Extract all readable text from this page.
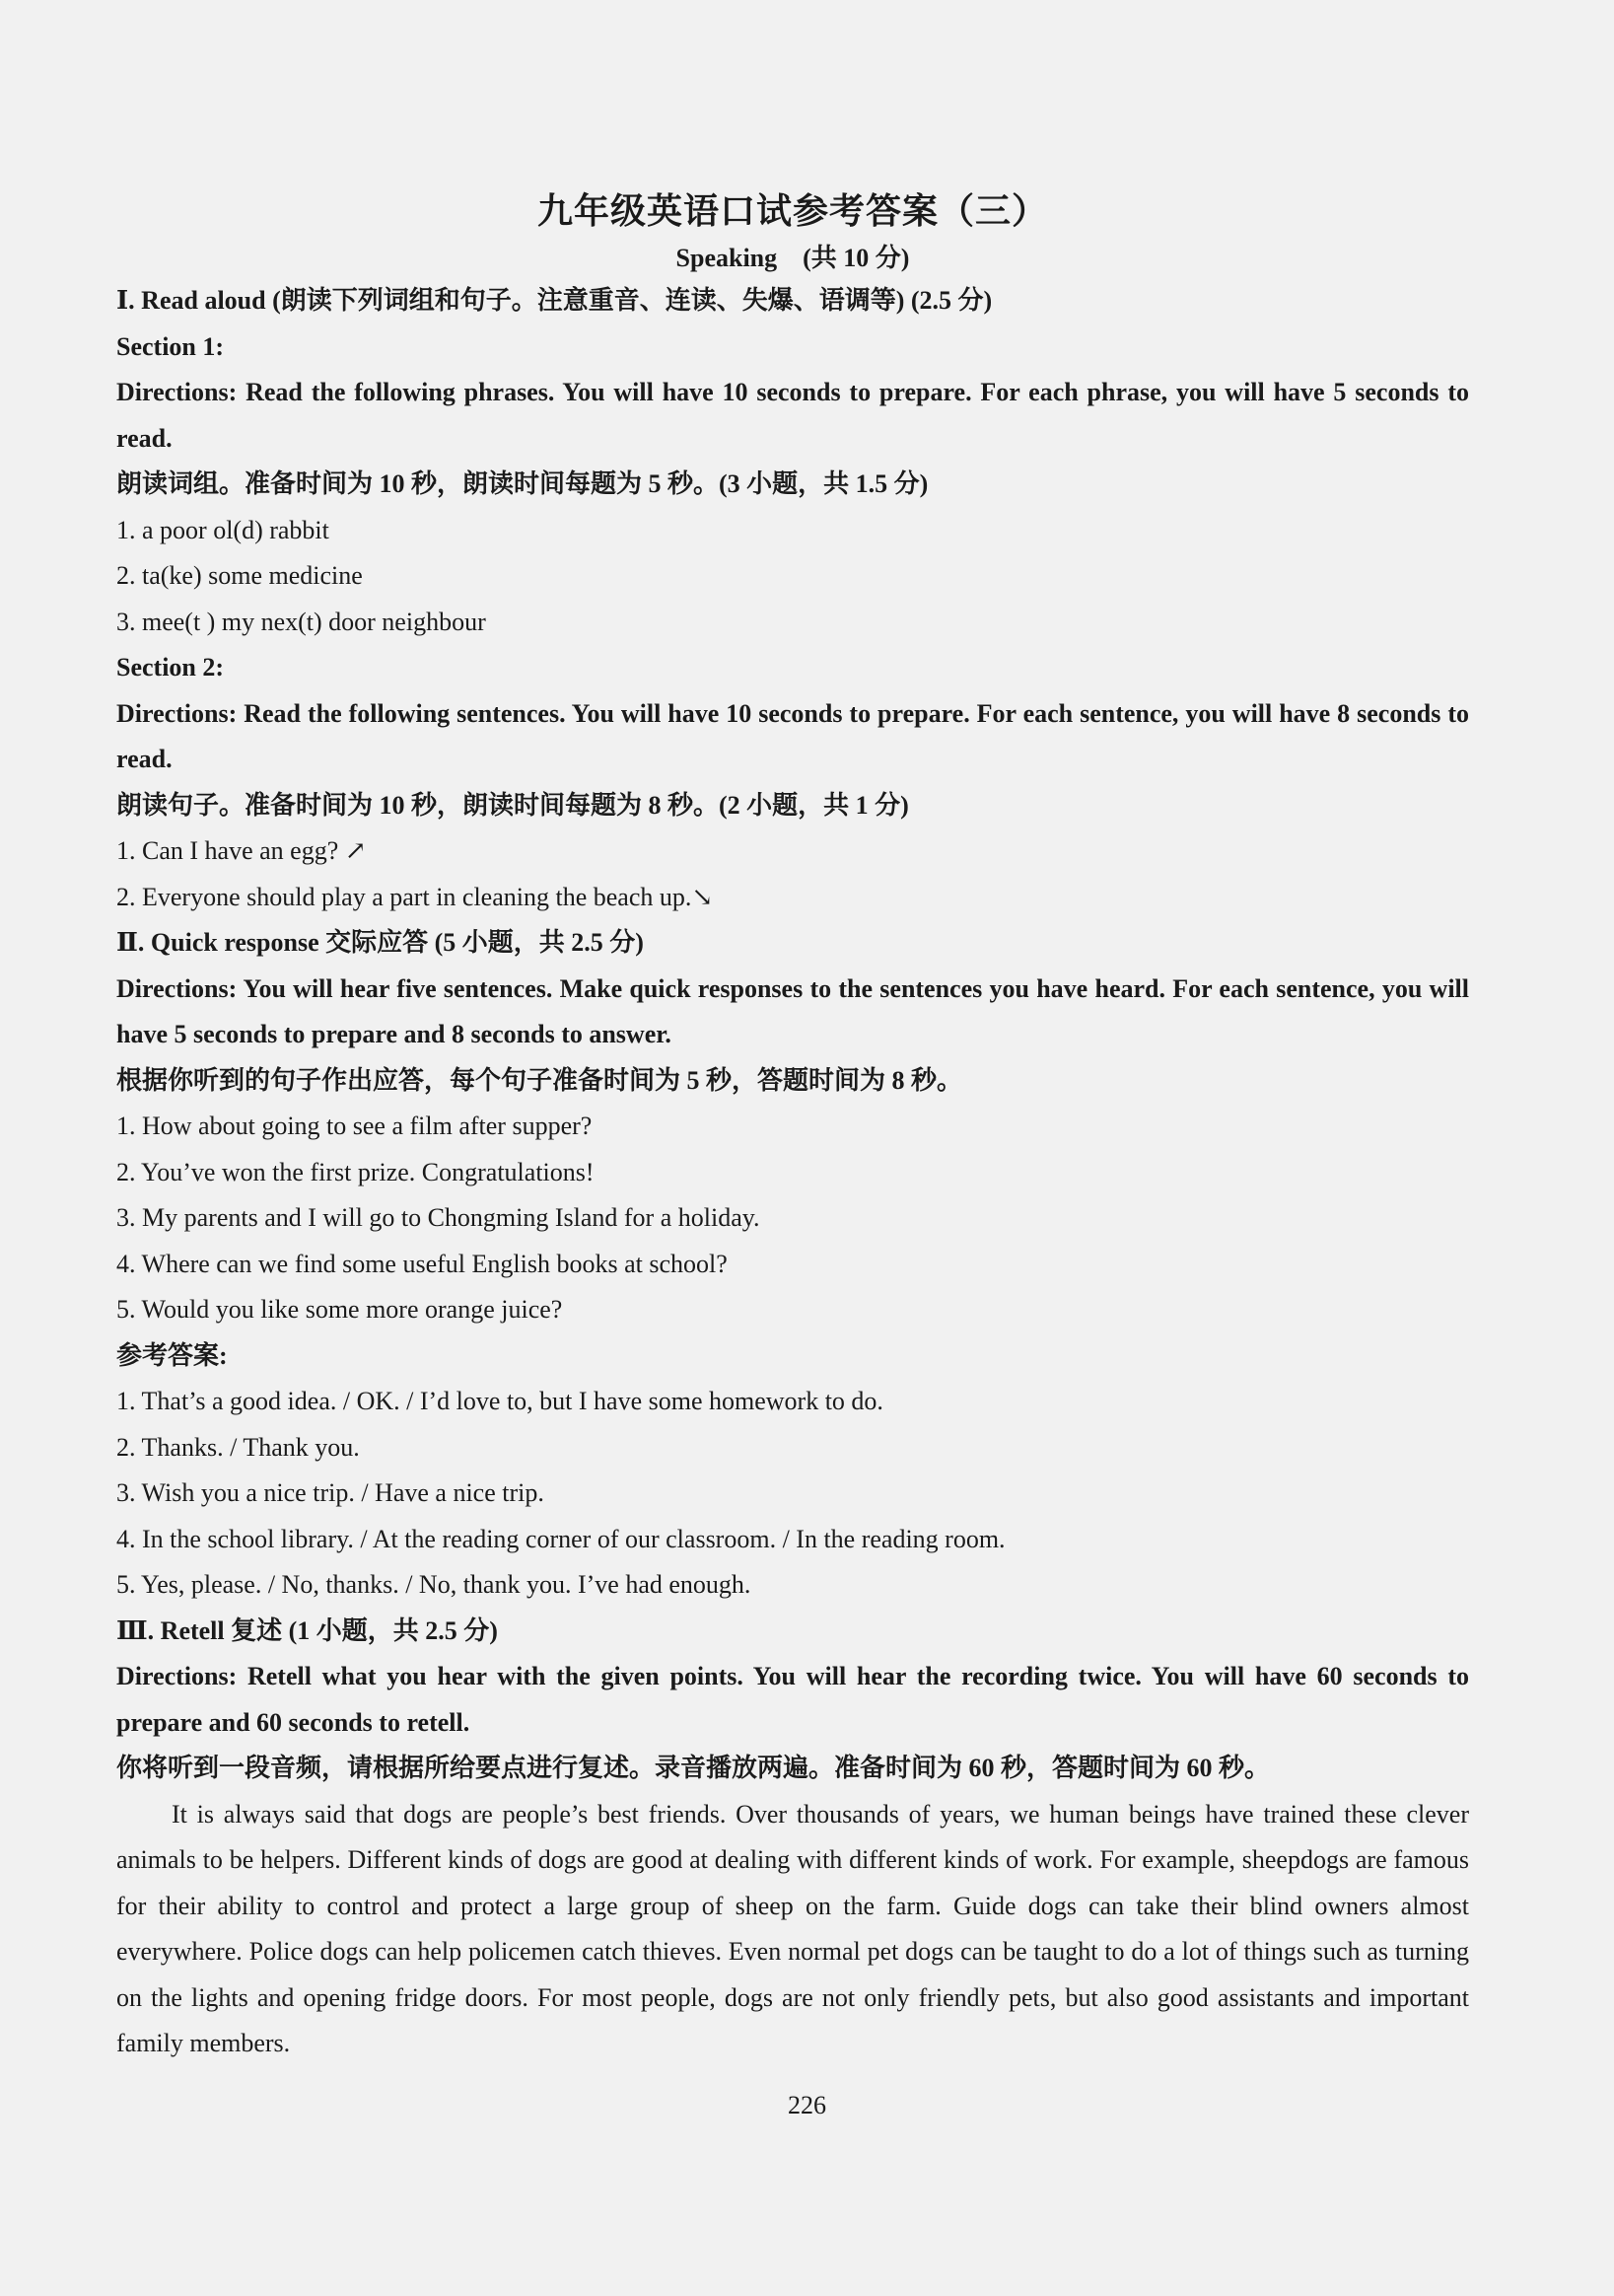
九年级英语口试参考答案（三）

Speaking　(共 10 分)

Ⅰ. Read aloud (朗读下列词组和句子。注意重音、连读、失爆、语调等) (2.5 分)

Section 1:

Directions: Read the following phrases. You will have 10 seconds to prepare. For each phrase, you will have 5 seconds to read.

朗读词组。准备时间为 10 秒，朗读时间每题为 5 秒。(3 小题，共 1.5 分)

1. a poor ol(d) rabbit

2. ta(ke) some medicine

3. mee(t ) my nex(t) door neighbour

Section 2:

Directions: Read the following sentences. You will have 10 seconds to prepare. For each sentence, you will have 8 seconds to read.

朗读句子。准备时间为 10 秒，朗读时间每题为 8 秒。(2 小题，共 1 分)

1. Can I have an egg? ↗

2. Everyone should play a part in cleaning the beach up.↘

Ⅱ. Quick response 交际应答 (5 小题，共 2.5 分)

Directions: You will hear five sentences. Make quick responses to the sentences you have heard. For each sentence, you will have 5 seconds to prepare and 8 seconds to answer.

根据你听到的句子作出应答，每个句子准备时间为 5 秒，答题时间为 8 秒。

1. How about going to see a film after supper?

2. You’ve won the first prize. Congratulations!

3. My parents and I will go to Chongming Island for a holiday.

4. Where can we find some useful English books at school?

5. Would you like some more orange juice?

参考答案:

1. That’s a good idea. / OK. / I’d love to, but I have some homework to do.

2. Thanks. / Thank you.

3. Wish you a nice trip. / Have a nice trip.

4. In the school library. / At the reading corner of our classroom. / In the reading room.

5. Yes, please. / No, thanks. / No, thank you. I’ve had enough.

Ⅲ. Retell 复述 (1 小题，共 2.5 分)

Directions: Retell what you hear with the given points. You will hear the recording twice. You will have 60 seconds to prepare and 60 seconds to retell.

你将听到一段音频，请根据所给要点进行复述。录音播放两遍。准备时间为 60 秒，答题时间为 60 秒。

It is always said that dogs are people’s best friends. Over thousands of years, we human beings have trained these clever animals to be helpers. Different kinds of dogs are good at dealing with different kinds of work. For example, sheepdogs are famous for their ability to control and protect a large group of sheep on the farm. Guide dogs can take their blind owners almost everywhere. Police dogs can help policemen catch thieves. Even normal pet dogs can be taught to do a lot of things such as turning on the lights and opening fridge doors. For most people, dogs are not only friendly pets, but also good assistants and important family members.

226
